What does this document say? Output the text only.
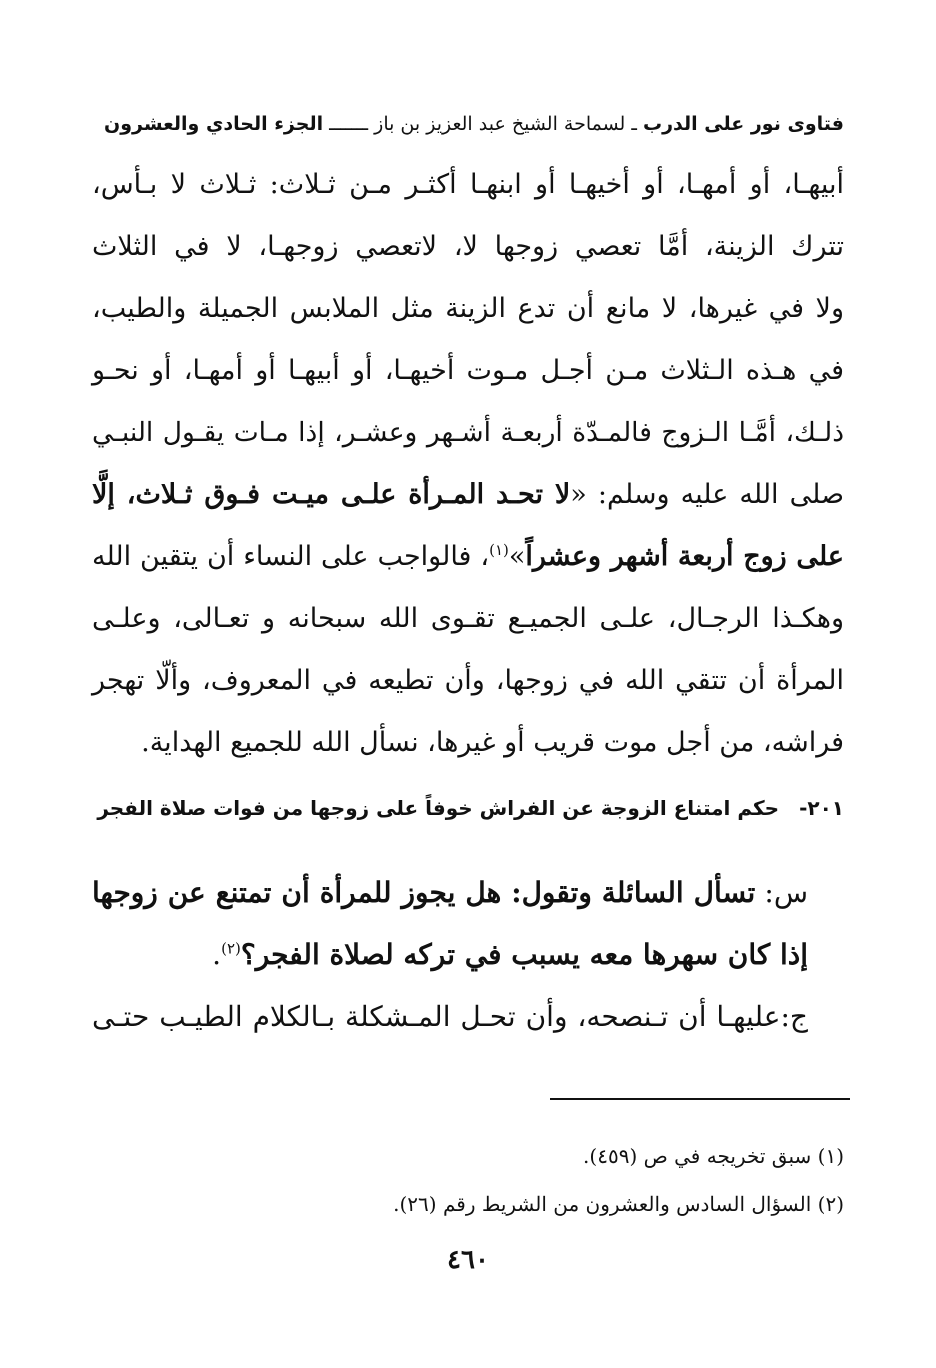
فتاوى نور على الدرب ـ لسماحة الشيخ عبد العزيز بن باز ـــــــ الجزء الحادي والعشرون
أبيهـا، أو أمهـا، أو أخيهـا أو ابنهـا أكثـر مـن ثـلاث: ثـلاث لا بـأس،
تترك الزينة، أمَّا تعصي زوجها لا، لاتعصي زوجهـا، لا في الثلاث
ولا في غيرها، لا مانع أن تدع الزينة مثل الملابس الجميلة والطيب،
في هـذه الـثلاث مـن أجـل مـوت أخيهـا، أو أبيهـا أو أمهـا، أو نحـو
ذلـك، أمَّـا الـزوج فالمـدّة أربعـة أشـهر وعشـر، إذا مـات يقـول النبـي
صلى الله عليه وسلم: «لا تحـد المـرأة علـى ميـت فـوق ثـلاث، إلَّا
على زوج أربعة أشهر وعشراً»$^{(١)}$، فالواجب على النساء أن يتقين الله
وهكـذا الرجـال، علـى الجميـع تقـوى الله سبحانه و تعـالى، وعلـى
المرأة أن تتقي الله في زوجها، وأن تطيعه في المعروف، وألّا تهجر
فراشه، من أجل موت قريب أو غيرها، نسأل الله للجميع الهداية.
٢٠١-حكم امتناع الزوجة عن الفراش خوفاً على زوجها من فوات صلاة الفجر
س: تسأل السائلة وتقول: هل يجوز للمرأة أن تمتنع عن زوجها
إذا كان سهرها معه يسبب في تركه لصلاة الفجر؟$^{(٢)}$.
ج:عليهـا أن تـنصحه، وأن تحـل المـشكلة بـالكلام الطيـب حتـى
(١) سبق تخريجه في ص (٤٥٩).
(٢) السؤال السادس والعشرون من الشريط رقم (٢٦).
٤٦٠
